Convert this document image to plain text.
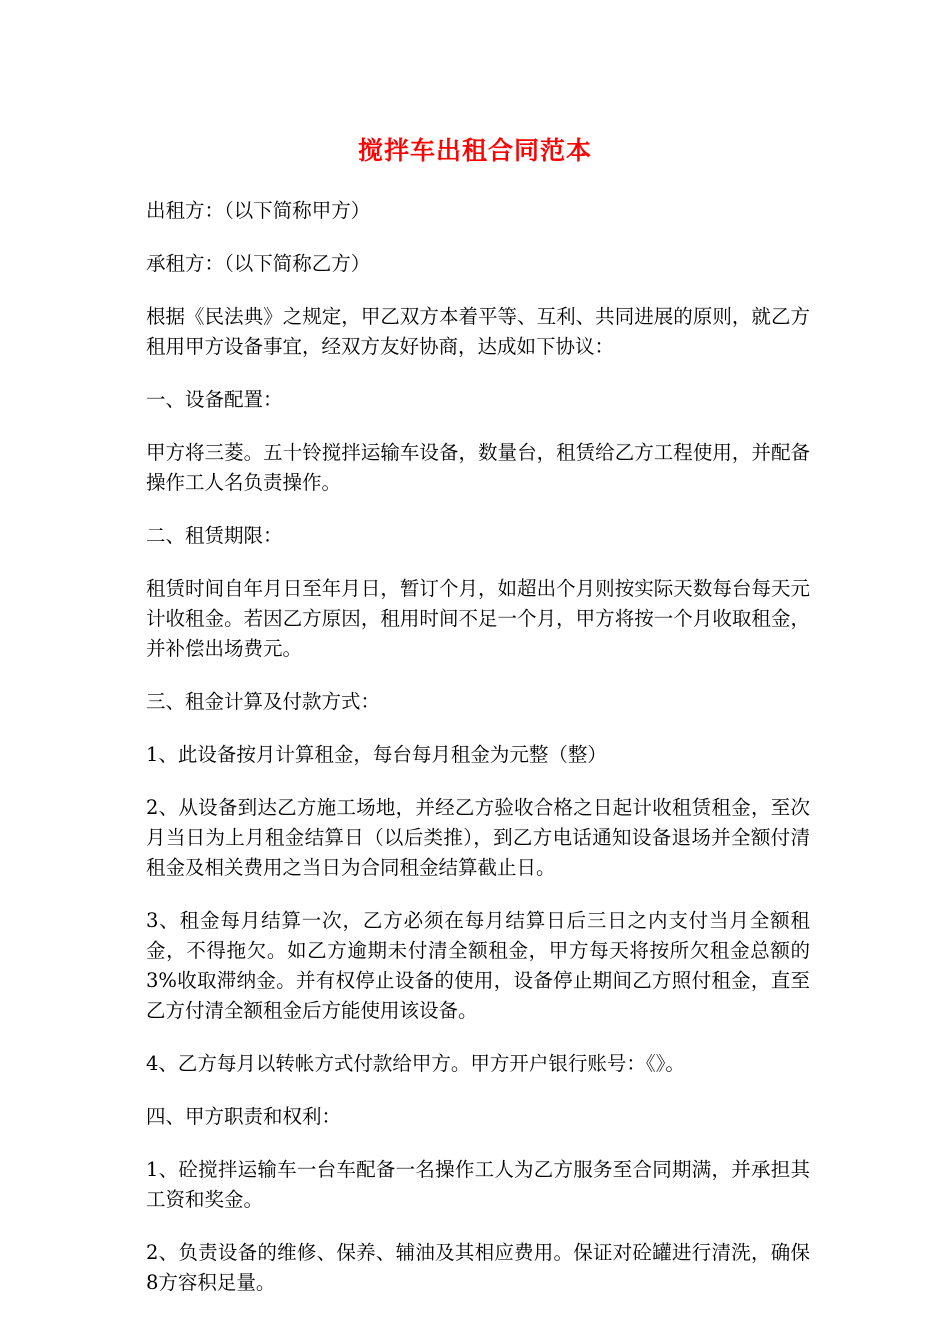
搅拌车出租合同范本

出租方：（以下简称甲方）

承租方：（以下简称乙方）

根据《民法典》之规定，甲乙双方本着平等、互利、共同进展的原则，就乙方租用甲方设备事宜，经双方友好协商，达成如下协议：

一、设备配置：

甲方将三菱。五十铃搅拌运输车设备，数量台，租赁给乙方工程使用，并配备操作工人名负责操作。

二、租赁期限：

租赁时间自年月日至年月日，暂订个月，如超出个月则按实际天数每台每天元计收租金。若因乙方原因，租用时间不足一个月，甲方将按一个月收取租金，并补偿出场费元。

三、租金计算及付款方式：

1、此设备按月计算租金，每台每月租金为元整（整）

2、从设备到达乙方施工场地，并经乙方验收合格之日起计收租赁租金，至次月当日为上月租金结算日（以后类推），到乙方电话通知设备退场并全额付清租金及相关费用之当日为合同租金结算截止日。

3、租金每月结算一次，乙方必须在每月结算日后三日之内支付当月全额租金，不得拖欠。如乙方逾期未付清全额租金，甲方每天将按所欠租金总额的3%收取滞纳金。并有权停止设备的使用，设备停止期间乙方照付租金，直至乙方付清全额租金后方能使用该设备。

4、乙方每月以转帐方式付款给甲方。甲方开户银行账号：《》。

四、甲方职责和权利：

1、砼搅拌运输车一台车配备一名操作工人为乙方服务至合同期满，并承担其工资和奖金。

2、负责设备的维修、保养、辅油及其相应费用。保证对砼罐进行清洗，确保8方容积足量。
